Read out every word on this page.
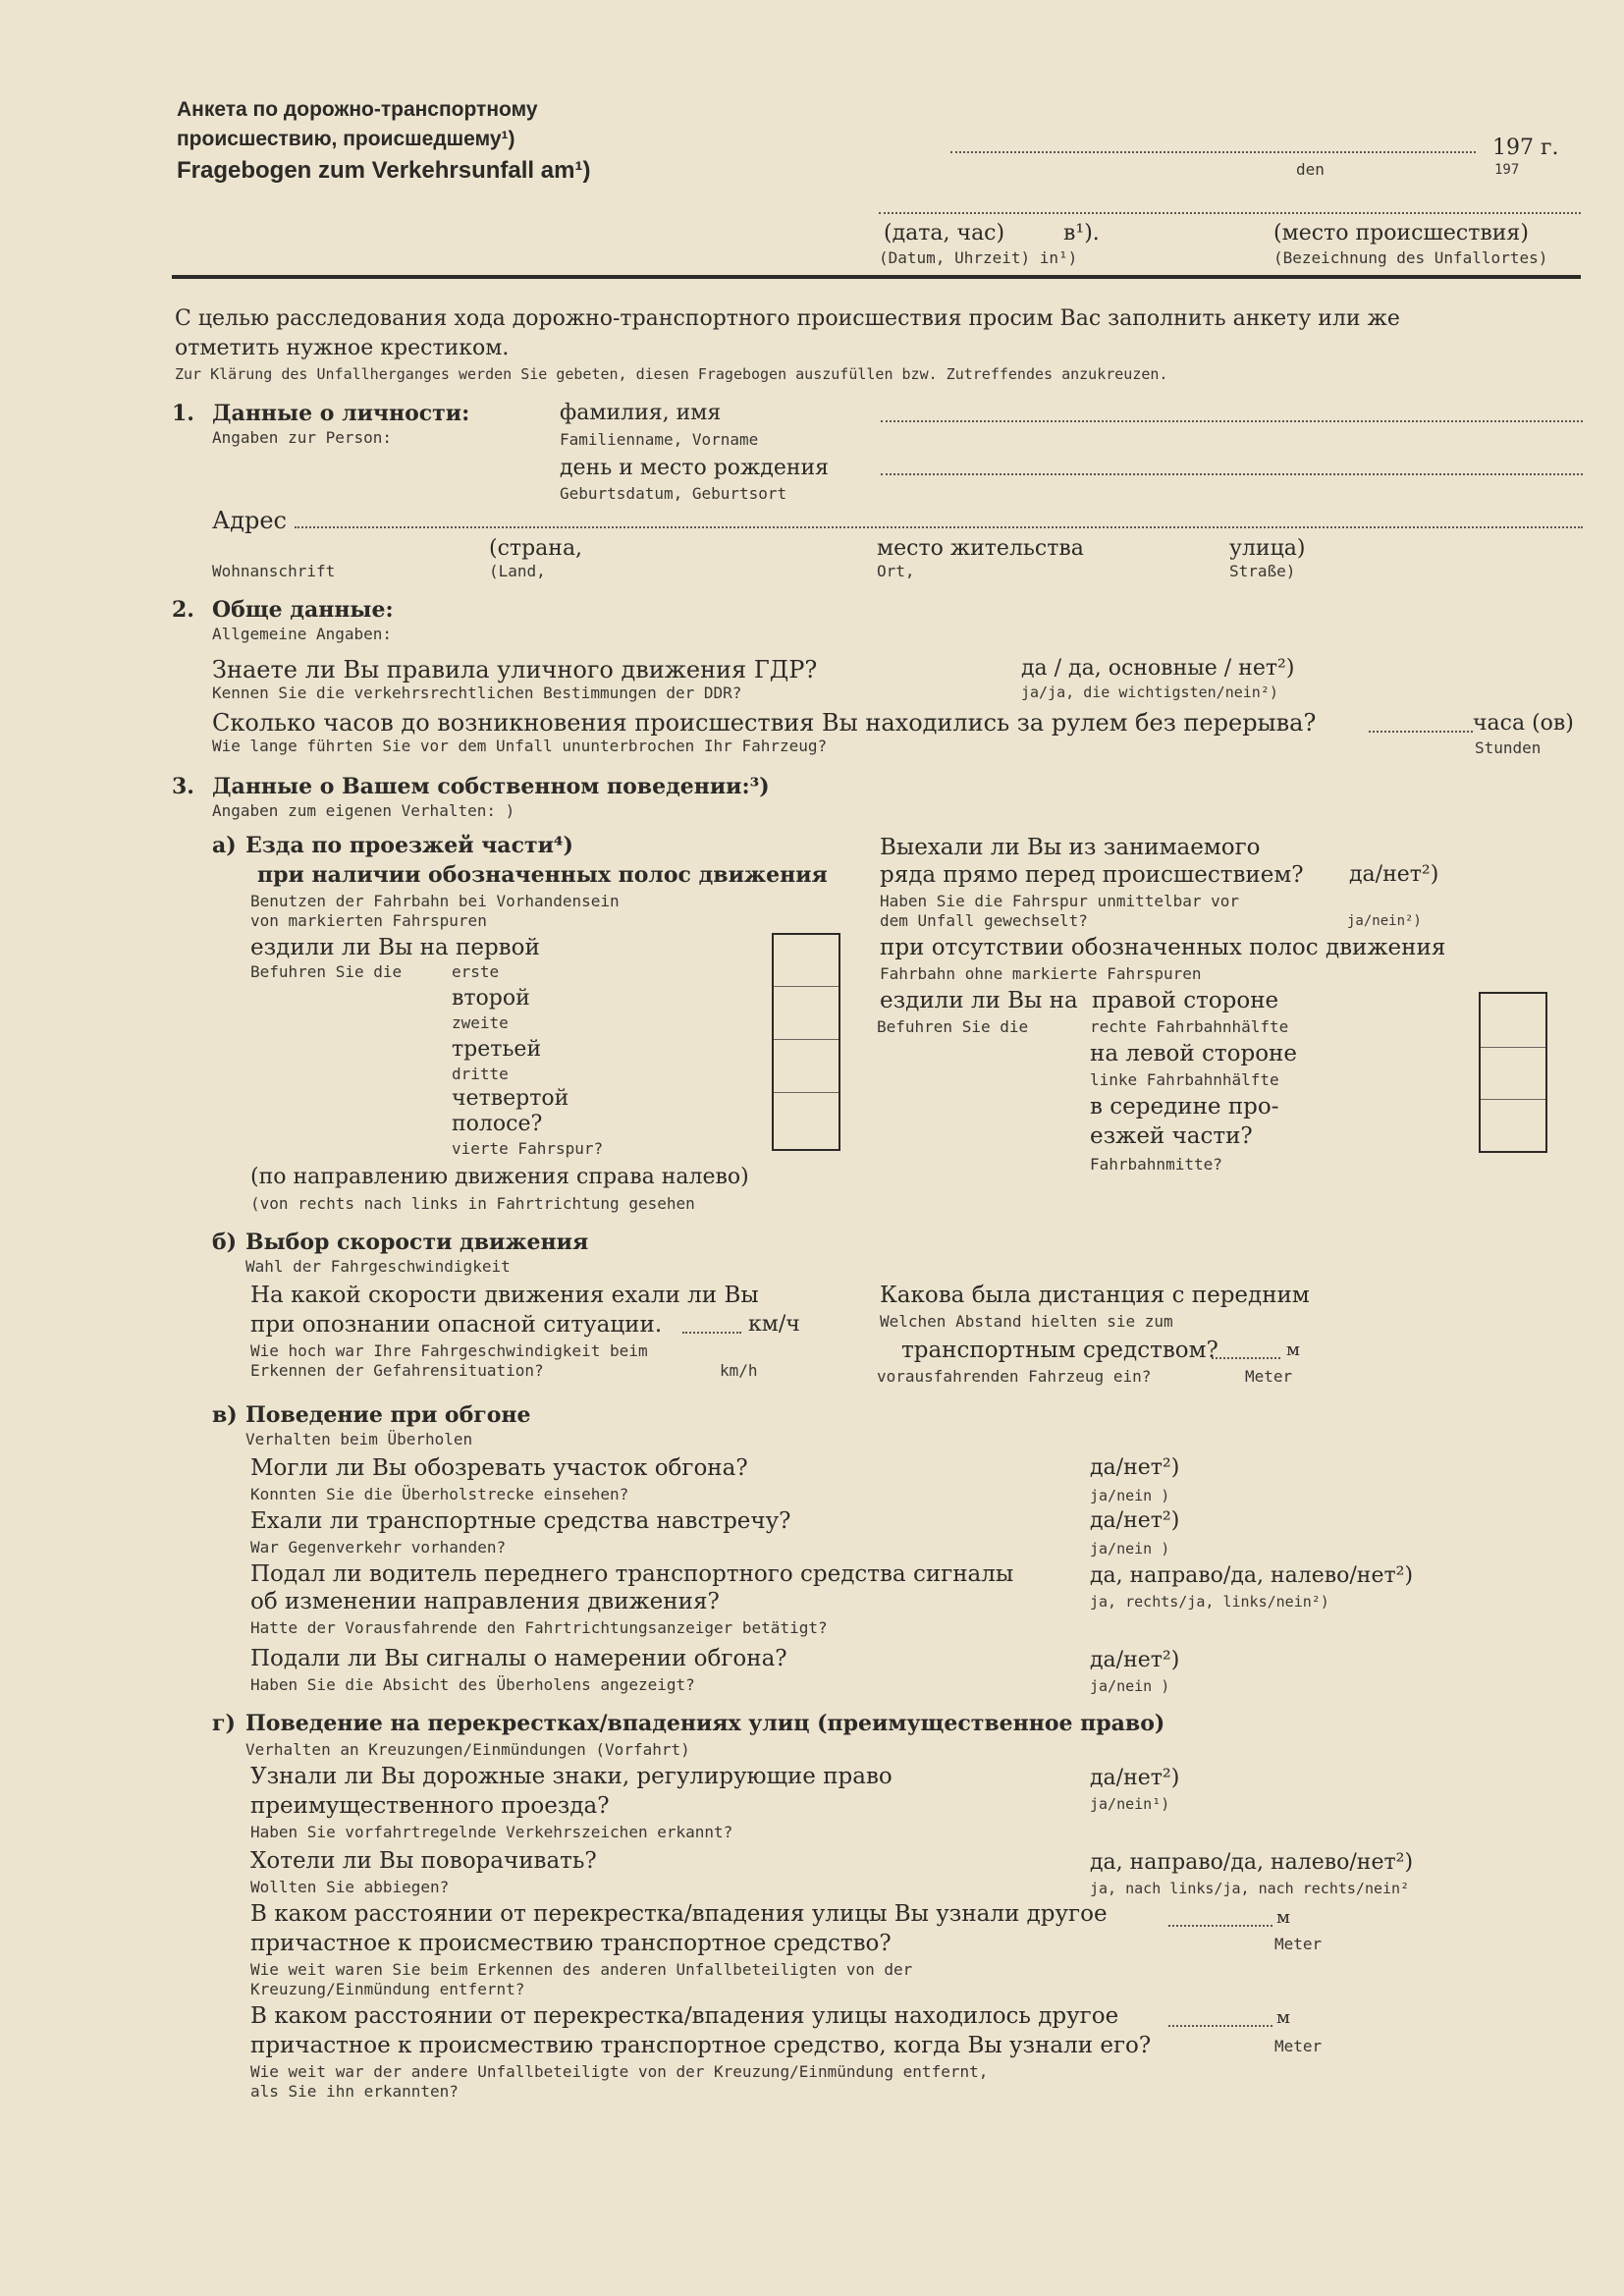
Анкета по дорожно-транспортному
происшествию, происшедшему¹)
Fragebogen zum Verkehrsunfall am¹)
197 г.
den	197
(дата, час)	в¹).	(место происшествия)
(Datum, Uhrzeit) in¹)	(Bezeichnung des Unfallortes)
С целью расследования хода дорожно-транспортного происшествия просим Вас заполнить анкету или же
отметить нужное крестиком.
Zur Klärung des Unfallherganges werden Sie gebeten, diesen Fragebogen auszufüllen bzw. Zutreffendes anzukreuzen.
1. Данные о личности:
Angaben zur Person:
фамилия, имя
Familienname, Vorname
день и место рождения
Geburtsdatum, Geburtsort
Адрес
(страна,	место жительства	улица)
Wohnanschrift	(Land,	Ort,	Straße)
2. Обще данные:
Allgemeine Angaben:
Знаете ли Вы правила уличного движения ГДР?
Kennen Sie die verkehrsrechtlichen Bestimmungen der DDR?
да / да, основные / нет²)
ja/ja, die wichtigsten/nein²)
Сколько часов до возникновения происшествия Вы находились за рулем без перерыва?
Wie lange führten Sie vor dem Unfall ununterbrochen Ihr Fahrzeug?
часа (ов)
Stunden
3. Данные о Вашем собственном поведении:³)
Angaben zum eigenen Verhalten: )
а) Езда по проезжей части⁴)
при наличии обозначенных полос движения
Benutzen der Fahrbahn bei Vorhandensein
von markierten Fahrspuren
ездили ли Вы на первой
Befuhren Sie die	erste
второй
zweite
третьей
dritte
четвертой
полосе?
vierte Fahrspur?
(по направлению движения справа налево)
(von rechts nach links in Fahrtrichtung gesehen
Выехали ли Вы из занимаемого
ряда прямо перед происшествием? да/нет²)
Haben Sie die Fahrspur unmittelbar vor
dem Unfall gewechselt?	ja/nein²)
при отсутствии обозначенных полос движения
Fahrbahn ohne markierte Fahrspuren
ездили ли Вы на
Befuhren Sie die
правой стороне
rechte Fahrbahnhälfte
на левой стороне
linke Fahrbahnhälfte
в середине про-
езжей части?
Fahrbahnmitte?
б) Выбор скорости движения
Wahl der Fahrgeschwindigkeit
На какой скорости движения ехали ли Вы
при опознании опасной ситуации.	км/ч
Wie hoch war Ihre Fahrgeschwindigkeit beim
Erkennen der Gefahrensituation?	km/h
Какова была дистанция с передним
Welchen Abstand hielten sie zum
транспортным средством?	м
vorausfahrenden Fahrzeug ein?	Meter
в) Поведение при обгоне
Verhalten beim Überholen
Могли ли Вы обозревать участок обгона?
Konnten Sie die Überholstrecke einsehen?
да/нет²)
ja/nein )
Ехали ли транспортные средства навстречу?
War Gegenverkehr vorhanden?
да/нет²)
ja/nein )
Подал ли водитель переднего транспортного средства сигналы
об изменении направления движения?
Hatte der Vorausfahrende den Fahrtrichtungsanzeiger betätigt?
да, направо/да, налево/нет²)
ja, rechts/ja, links/nein²)
Подали ли Вы сигналы о намерении обгона?
Haben Sie die Absicht des Überholens angezeigt?
да/нет²)
ja/nein )
г) Поведение на перекрестках/впадениях улиц (преимущественное право)
Verhalten an Kreuzungen/Einmündungen (Vorfahrt)
Узнали ли Вы дорожные знаки, регулирующие право
преимущественного проезда?
Haben Sie vorfahrtregelnde Verkehrszeichen erkannt?
да/нет²)
ja/nein¹)
Хотели ли Вы поворачивать?
Wollten Sie abbiegen?
да, направо/да, налево/нет²)
ja, nach links/ja, nach rechts/nein²
В каком расстоянии от перекрестка/впадения улицы Вы узнали другое
причастное к происмествию транспортное средство?
Wie weit waren Sie beim Erkennen des anderen Unfallbeteiligten von der
Kreuzung/Einmündung entfernt?
м
Meter
В каком расстоянии от перекрестка/впадения улицы находилось другое
причастное к происмествию транспортное средство, когда Вы узнали его?
Wie weit war der andere Unfallbeteiligte von der Kreuzung/Einmündung entfernt,
als Sie ihn erkannten?
м
Meter
